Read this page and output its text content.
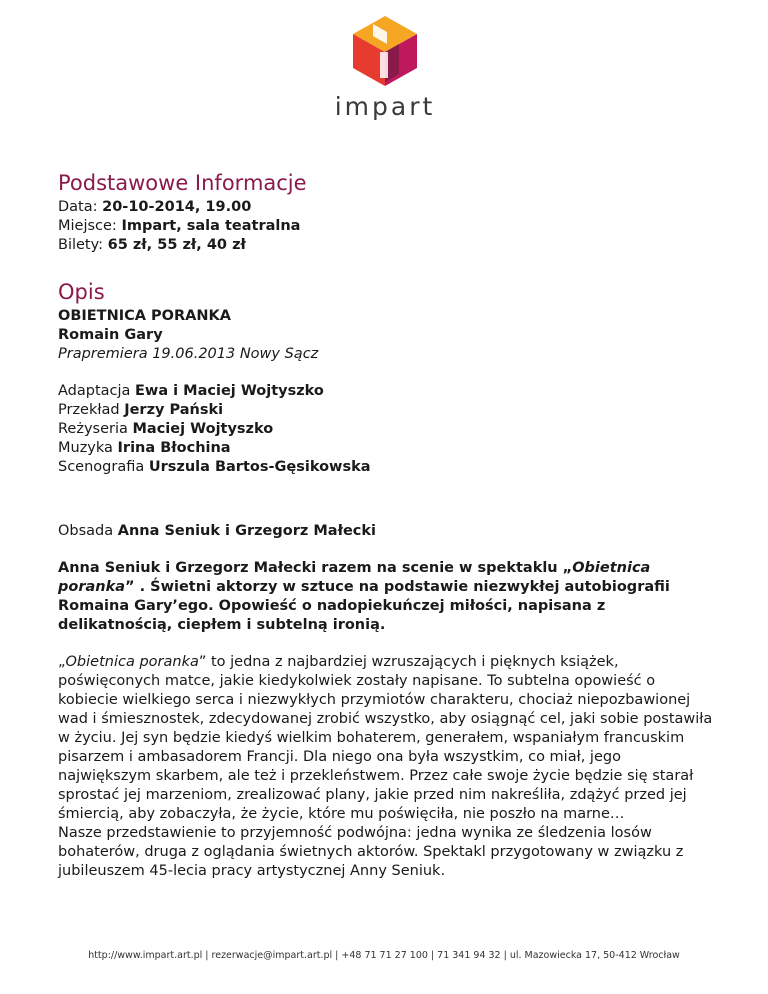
impart
Podstawowe Informacje
Data: 20-10-2014, 19.00
Miejsce: Impart, sala teatralna
Bilety: 65 zł, 55 zł, 40 zł
Opis
OBIETNICA PORANKA
Romain Gary
Prapremiera 19.06.2013 Nowy Sącz
Adaptacja Ewa i Maciej Wojtyszko
Przekład Jerzy Pański
Reżyseria Maciej Wojtyszko
Muzyka Irina Błochina
Scenografia Urszula Bartos-Gęsikowska
Obsada Anna Seniuk i Grzegorz Małecki

Anna Seniuk i Grzegorz Małecki razem na scenie w spektaklu „Obietnica poranka” . Świetni aktorzy w sztuce na podstawie niezwykłej autobiografii Romaina Gary’ego. Opowieść o nadopiekuńczej miłości, napisana z delikatnością, ciepłem i subtelną ironią.

„Obietnica poranka” to jedna z najbardziej wzruszających i pięknych książek, poświęconych matce, jakie kiedykolwiek zostały napisane. To subtelna opowieść o kobiecie wielkiego serca i niezwykłych przymiotów charakteru, chociaż niepozbawionej wad i śmiesznostek, zdecydowanej zrobić wszystko, aby osiągnąć cel, jaki sobie postawiła w życiu. Jej syn będzie kiedyś wielkim bohaterem, generałem, wspaniałym francuskim pisarzem i ambasadorem Francji. Dla niego ona była wszystkim, co miał, jego największym skarbem, ale też i przekleństwem. Przez całe swoje życie będzie się starał sprostać jej marzeniom, zrealizować plany, jakie przed nim nakreśliła, zdążyć przed jej śmiercią, aby zobaczyła, że życie, które mu poświęciła, nie poszło na marne…

Nasze przedstawienie to przyjemność podwójna: jedna wynika ze śledzenia losów bohaterów, druga z oglądania świetnych aktorów. Spektakl przygotowany w związku z jubileuszem 45-lecia pracy artystycznej Anny Seniuk.

http://www.impart.art.pl | rezerwacje@impart.art.pl | +48 71 71 27 100 | 71 341 94 32 | ul. Mazowiecka 17, 50-412 Wrocław
